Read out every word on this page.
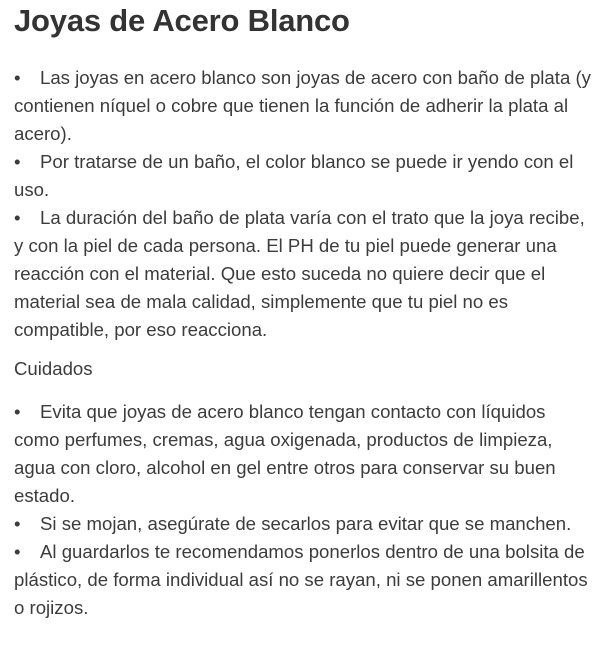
Joyas de Acero Blanco
• Las joyas en acero blanco son joyas de acero con baño de plata (y contienen níquel o cobre que tienen la función de adherir la plata al acero).
• Por tratarse de un baño, el color blanco se puede ir yendo con el uso.
• La duración del baño de plata varía con el trato que la joya recibe, y con la piel de cada persona. El PH de tu piel puede generar una reacción con el material. Que esto suceda no quiere decir que el material sea de mala calidad, simplemente que tu piel no es compatible, por eso reacciona.

Cuidados

• Evita que joyas de acero blanco tengan contacto con líquidos como perfumes, cremas, agua oxigenada, productos de limpieza, agua con cloro, alcohol en gel entre otros para conservar su buen estado.
• Si se mojan, asegúrate de secarlos para evitar que se manchen.
• Al guardarlos te recomendamos ponerlos dentro de una bolsita de plástico, de forma individual así no se rayan, ni se ponen amarillentos o rojizos.
